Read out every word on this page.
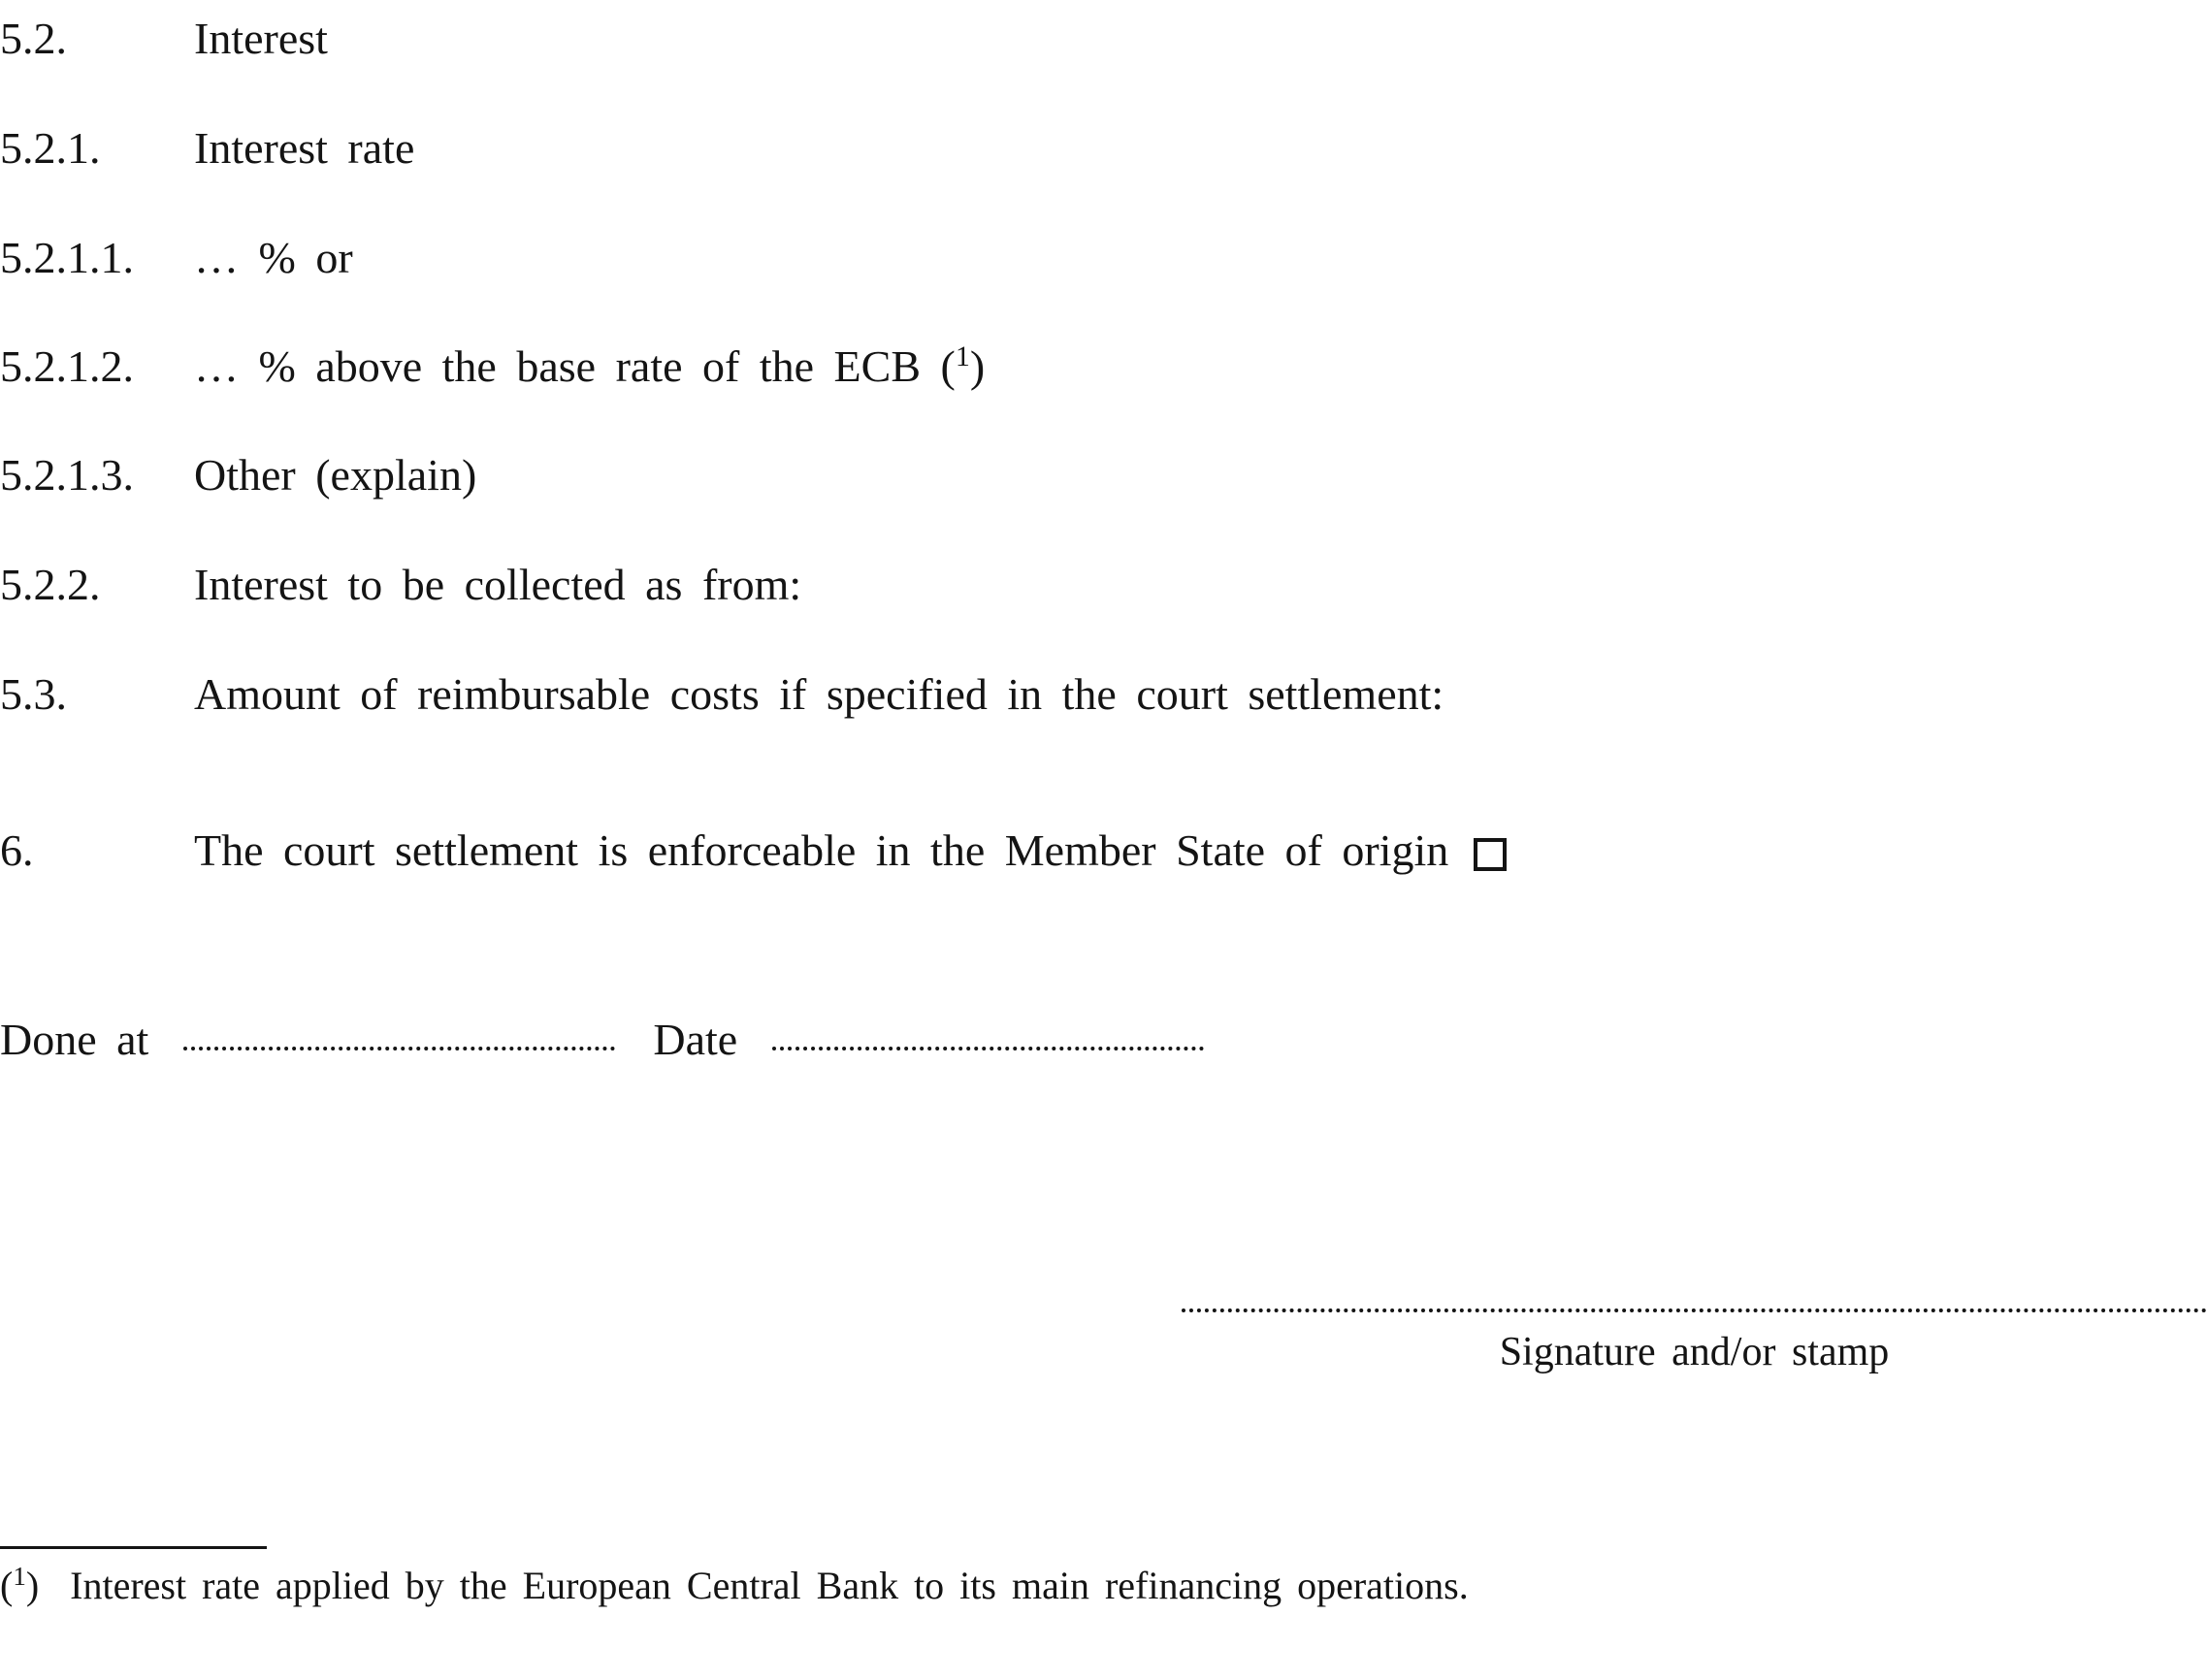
5.2.	Interest
5.2.1. Interest rate
5.2.1.1. … % or
5.2.1.2. … % above the base rate of the ECB ($^1$)
5.2.1.3. Other (explain)
5.2.2. Interest to be collected as from:
5.3.	Amount of reimbursable costs if specified in the court settlement:
6.	The court settlement is enforceable in the Member State of origin
Done at	Date
Signature and/or stamp
($^1$)  Interest rate applied by the European Central Bank to its main refinancing operations.
